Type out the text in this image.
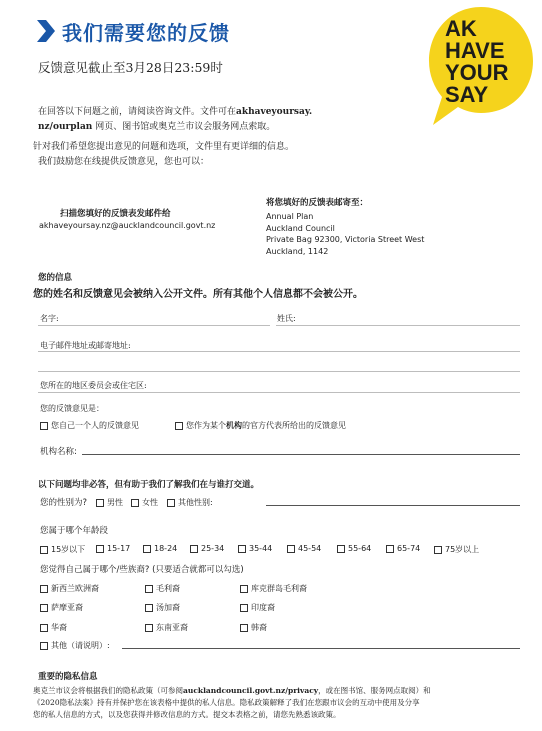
我们需要您的反馈
反馈意见截止至3月28日23:59时
AK
HAVE
YOUR
SAY
在回答以下问题之前，请阅读咨询文件。文件可在akhaveyoursay.
nz/ourplan 网页、图书馆或奥克兰市议会服务网点索取。
针对我们希望您提出意见的问题和选项，文件里有更详细的信息。
我们鼓励您在线提供反馈意见，您也可以：
扫描您填好的反馈表发邮件给
akhaveyoursay.nz@aucklandcouncil.govt.nz
将您填好的反馈表邮寄至：
Annual Plan
Auckland Council
Private Bag 92300, Victoria Street West
Auckland, 1142
您的信息
您的姓名和反馈意见会被纳入公开文件。所有其他个人信息都不会被公开。
名字:	姓氏:
电子邮件地址或邮寄地址:
您所在的地区委员会或住宅区:
您的反馈意见是：
您自己一个人的反馈意见	您作为某个机构的官方代表所给出的反馈意见
机构名称:
以下问题均非必答，但有助于我们了解我们在与谁打交道。
您的性别为?	男性	女性	其他性别:
您属于哪个年龄段
15岁以下	15-17	18-24	25-34	35-44	45-54	55-64	65-74	75岁以上
您觉得自己属于哪个/些族裔? (只要适合就都可以勾选)
新西兰欧洲裔	毛利裔	库克群岛毛利裔
萨摩亚裔	汤加裔	印度裔
华裔	东南亚裔	韩裔
其他（请说明）:
重要的隐私信息
奥克兰市议会将根据我们的隐私政策（可参阅aucklandcouncil.govt.nz/privacy，或在图书馆、服务网点取阅）和
《2020隐私法案》持有并保护您在该表格中提供的私人信息。隐私政策解释了我们在您跟市议会的互动中使用及分享
您的私人信息的方式，以及您获得并修改信息的方式。提交本表格之前，请您先熟悉该政策。
